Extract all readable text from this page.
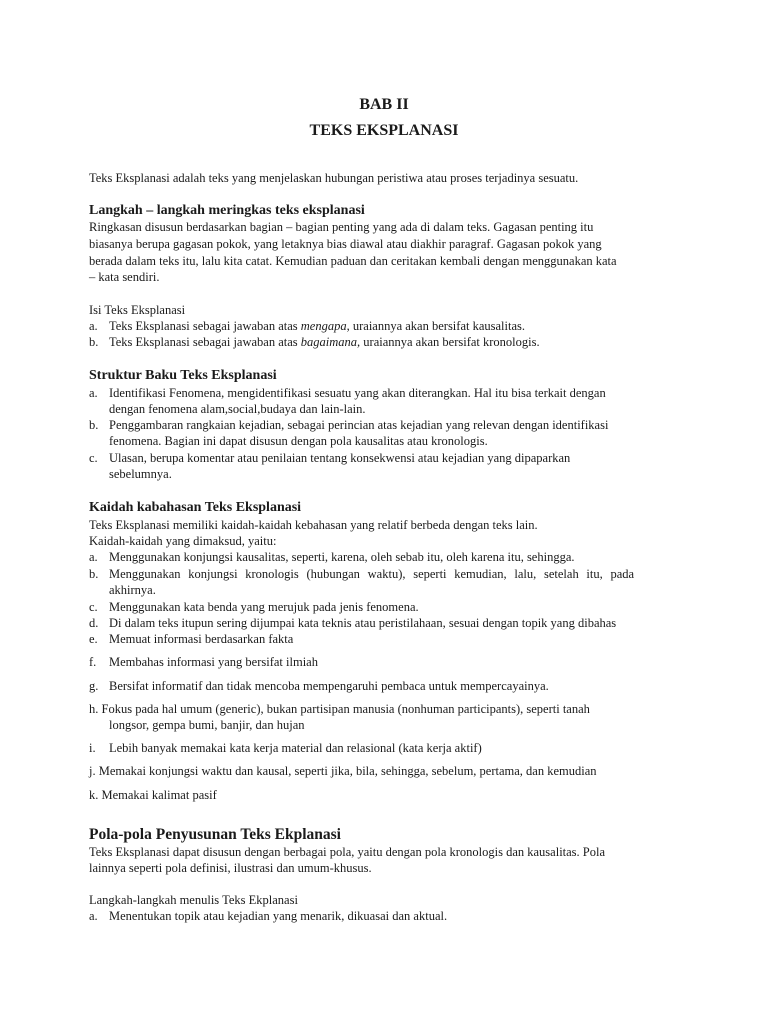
BAB II
TEKS EKSPLANASI
Teks Eksplanasi adalah teks yang menjelaskan hubungan peristiwa atau proses terjadinya sesuatu.
Langkah – langkah meringkas teks eksplanasi
Ringkasan disusun berdasarkan bagian – bagian penting yang ada di dalam teks. Gagasan penting itu
biasanya berupa gagasan pokok, yang letaknya bias diawal atau diakhir paragraf. Gagasan pokok yang
berada dalam teks itu, lalu kita catat. Kemudian paduan dan ceritakan kembali dengan menggunakan kata
– kata sendiri.
Isi Teks Eksplanasi
a. Teks Eksplanasi sebagai jawaban atas mengapa, uraiannya akan bersifat kausalitas.
b. Teks Eksplanasi sebagai jawaban atas bagaimana, uraiannya akan bersifat kronologis.
Struktur Baku Teks Eksplanasi
a. Identifikasi Fenomena, mengidentifikasi sesuatu yang akan diterangkan. Hal itu bisa terkait dengan
dengan fenomena alam,social,budaya dan lain-lain.
b. Penggambaran rangkaian kejadian, sebagai perincian atas kejadian yang relevan dengan identifikasi
fenomena. Bagian ini dapat disusun dengan pola kausalitas atau kronologis.
c. Ulasan, berupa komentar atau penilaian tentang konsekwensi atau kejadian yang dipaparkan
sebelumnya.
Kaidah kabahasan Teks Eksplanasi
Teks Eksplanasi memiliki kaidah-kaidah kebahasan yang relatif berbeda dengan teks lain.
Kaidah-kaidah yang dimaksud, yaitu:
a. Menggunakan konjungsi kausalitas, seperti, karena, oleh sebab itu, oleh karena itu, sehingga.
b. Menggunakan konjungsi kronologis (hubungan waktu), seperti kemudian, lalu, setelah itu, pada
akhirnya.
c. Menggunakan kata benda yang merujuk pada jenis fenomena.
d. Di dalam teks itupun sering dijumpai kata teknis atau peristilahaan, sesuai dengan topik yang dibahas
e. Memuat informasi berdasarkan fakta
f. Membahas informasi yang bersifat ilmiah
g. Bersifat informatif dan tidak mencoba mempengaruhi pembaca untuk mempercayainya.
h. Fokus pada hal umum (generic), bukan partisipan manusia (nonhuman participants), seperti tanah
longsor, gempa bumi, banjir, dan hujan
i. Lebih banyak memakai kata kerja material dan relasional (kata kerja aktif)
j. Memakai konjungsi waktu dan kausal, seperti jika, bila, sehingga, sebelum, pertama, dan kemudian
k. Memakai kalimat pasif
Pola-pola Penyusunan Teks Ekplanasi
Teks Eksplanasi dapat disusun dengan berbagai pola, yaitu dengan pola kronologis dan kausalitas. Pola
lainnya seperti pola definisi, ilustrasi dan umum-khusus.
Langkah-langkah menulis Teks Ekplanasi
a. Menentukan topik atau kejadian yang menarik, dikuasai dan aktual.
